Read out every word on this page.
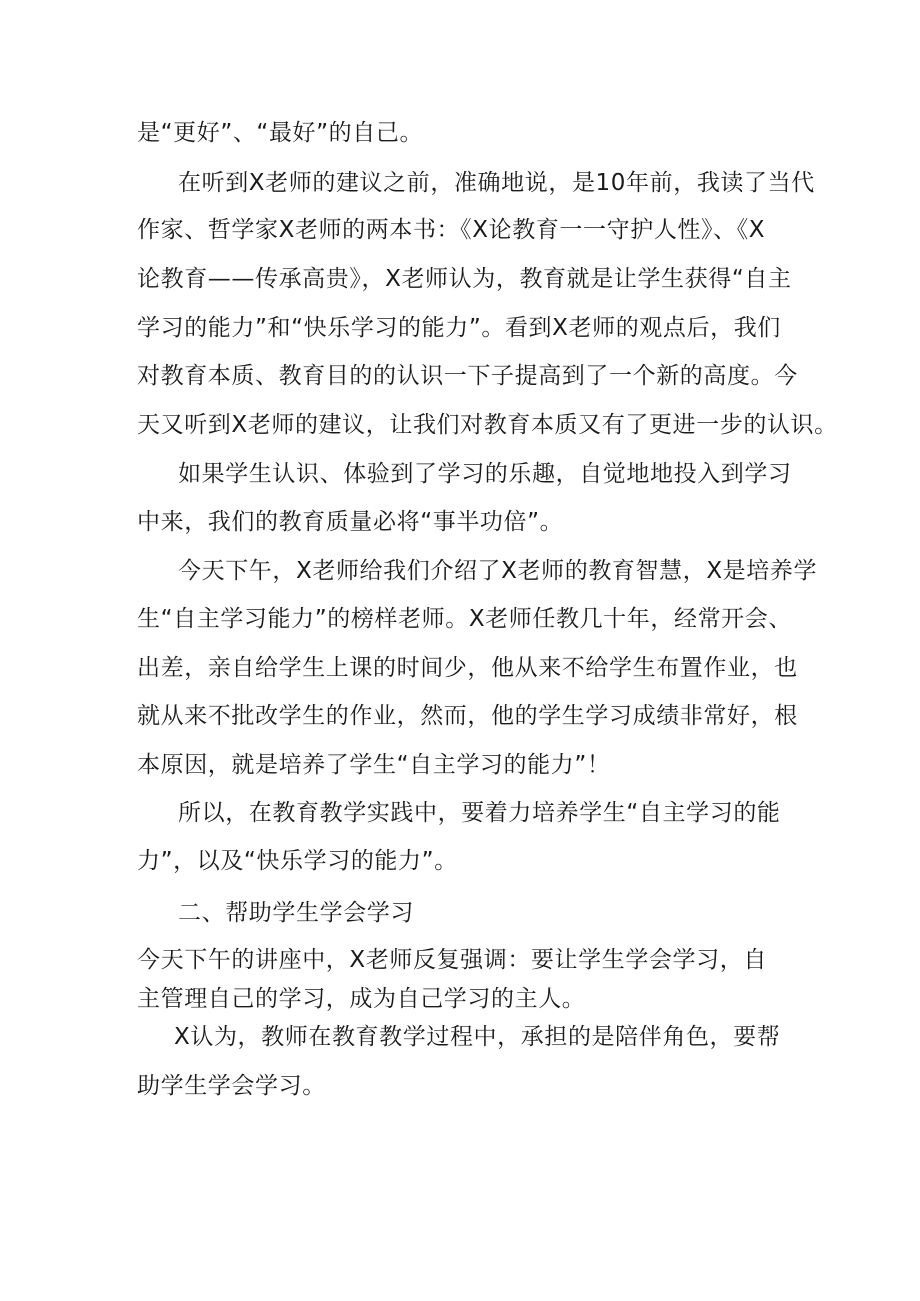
是“更好”、“最好”的自己。

在听到X老师的建议之前，准确地说，是10年前，我读了当代

作家、哲学家X老师的两本书：《X论教育一一守护人性》、《X

论教育——传承高贵》，X老师认为，教育就是让学生获得“自主

学习的能力”和“快乐学习的能力”。看到X老师的观点后，我们

对教育本质、教育目的的认识一下子提高到了一个新的高度。今

天又听到X老师的建议，让我们对教育本质又有了更进一步的认识。

如果学生认识、体验到了学习的乐趣，自觉地地投入到学习

中来，我们的教育质量必将“事半功倍”。

今天下午，X老师给我们介绍了X老师的教育智慧，X是培养学

生“自主学习能力”的榜样老师。X老师任教几十年，经常开会、

出差，亲自给学生上课的时间少，他从来不给学生布置作业，也

就从来不批改学生的作业，然而，他的学生学习成绩非常好，根

本原因，就是培养了学生“自主学习的能力”！

所以，在教育教学实践中，要着力培养学生“自主学习的能

力”，以及“快乐学习的能力”。

二、帮助学生学会学习

今天下午的讲座中，X老师反复强调：要让学生学会学习，自

主管理自己的学习，成为自己学习的主人。

X认为，教师在教育教学过程中，承担的是陪伴角色，要帮

助学生学会学习。
